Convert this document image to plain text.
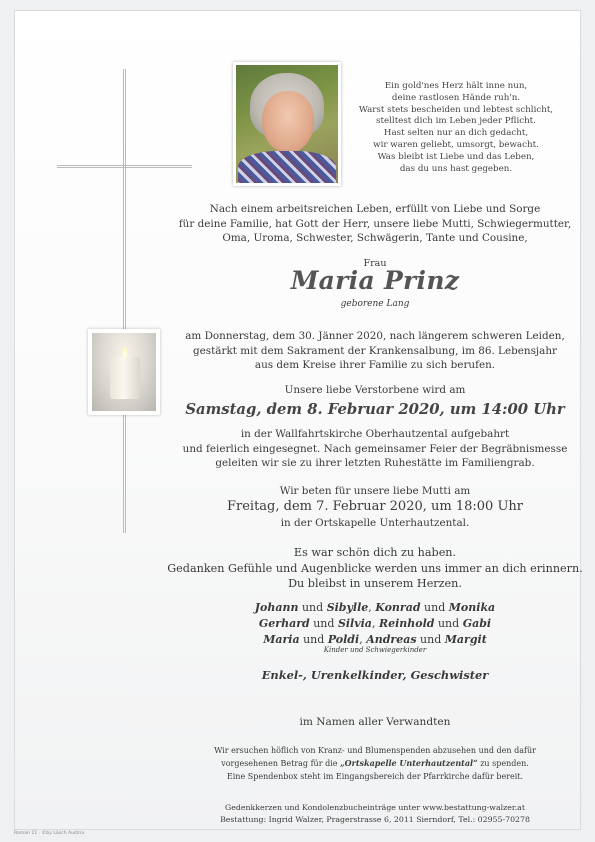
Ein gold'nes Herz hält inne nun,
deine rastlosen Hände ruh'n.
Warst stets bescheiden und lebtest schlicht,
stelltest dich im Leben jeder Pflicht.
Hast selten nur an dich gedacht,
wir waren geliebt, umsorgt, bewacht.
Was bleibt ist Liebe und das Leben,
das du uns hast gegeben.
Nach einem arbeitsreichen Leben, erfüllt von Liebe und Sorge
für deine Familie, hat Gott der Herr, unsere liebe Mutti, Schwiegermutter,
Oma, Uroma, Schwester, Schwägerin, Tante und Cousine,
Frau
Maria Prinz
geborene Lang
am Donnerstag, dem 30. Jänner 2020, nach längerem schweren Leiden,
gestärkt mit dem Sakrament der Krankensalbung, im 86. Lebensjahr
aus dem Kreise ihrer Familie zu sich berufen.
Unsere liebe Verstorbene wird am
Samstag, dem 8. Februar 2020, um 14:00 Uhr
in der Wallfahrtskirche Oberhautzental aufgebahrt
und feierlich eingesegnet. Nach gemeinsamer Feier der Begräbnismesse
geleiten wir sie zu ihrer letzten Ruhestätte im Familiengrab.
Wir beten für unsere liebe Mutti am
Freitag, dem 7. Februar 2020, um 18:00 Uhr
in der Ortskapelle Unterhautzental.
Es war schön dich zu haben.
Gedanken Gefühle und Augenblicke werden uns immer an dich erinnern.
Du bleibst in unserem Herzen.
Johann und Sibylle, Konrad und Monika
Gerhard und Silvia, Reinhold und Gabi
Maria und Poldi, Andreas und Margit
Kinder und Schwiegerkinder
Enkel-, Urenkelkinder, Geschwister
im Namen aller Verwandten
Wir ersuchen höflich von Kranz- und Blumenspenden abzusehen und den dafür
vorgesehenen Betrag für die „Ortskapelle Unterhautzental“ zu spenden.
Eine Spendenbox steht im Eingangsbereich der Pfarrkirche dafür bereit.
Gedenkkerzen und Kondolenzbucheinträge unter www.bestattung-walzer.at
Bestattung: Ingrid Walzer, Pragerstrasse 6, 2011 Sierndorf, Tel.: 02955-70278
Roman 11 · ©by Lösch Austria
